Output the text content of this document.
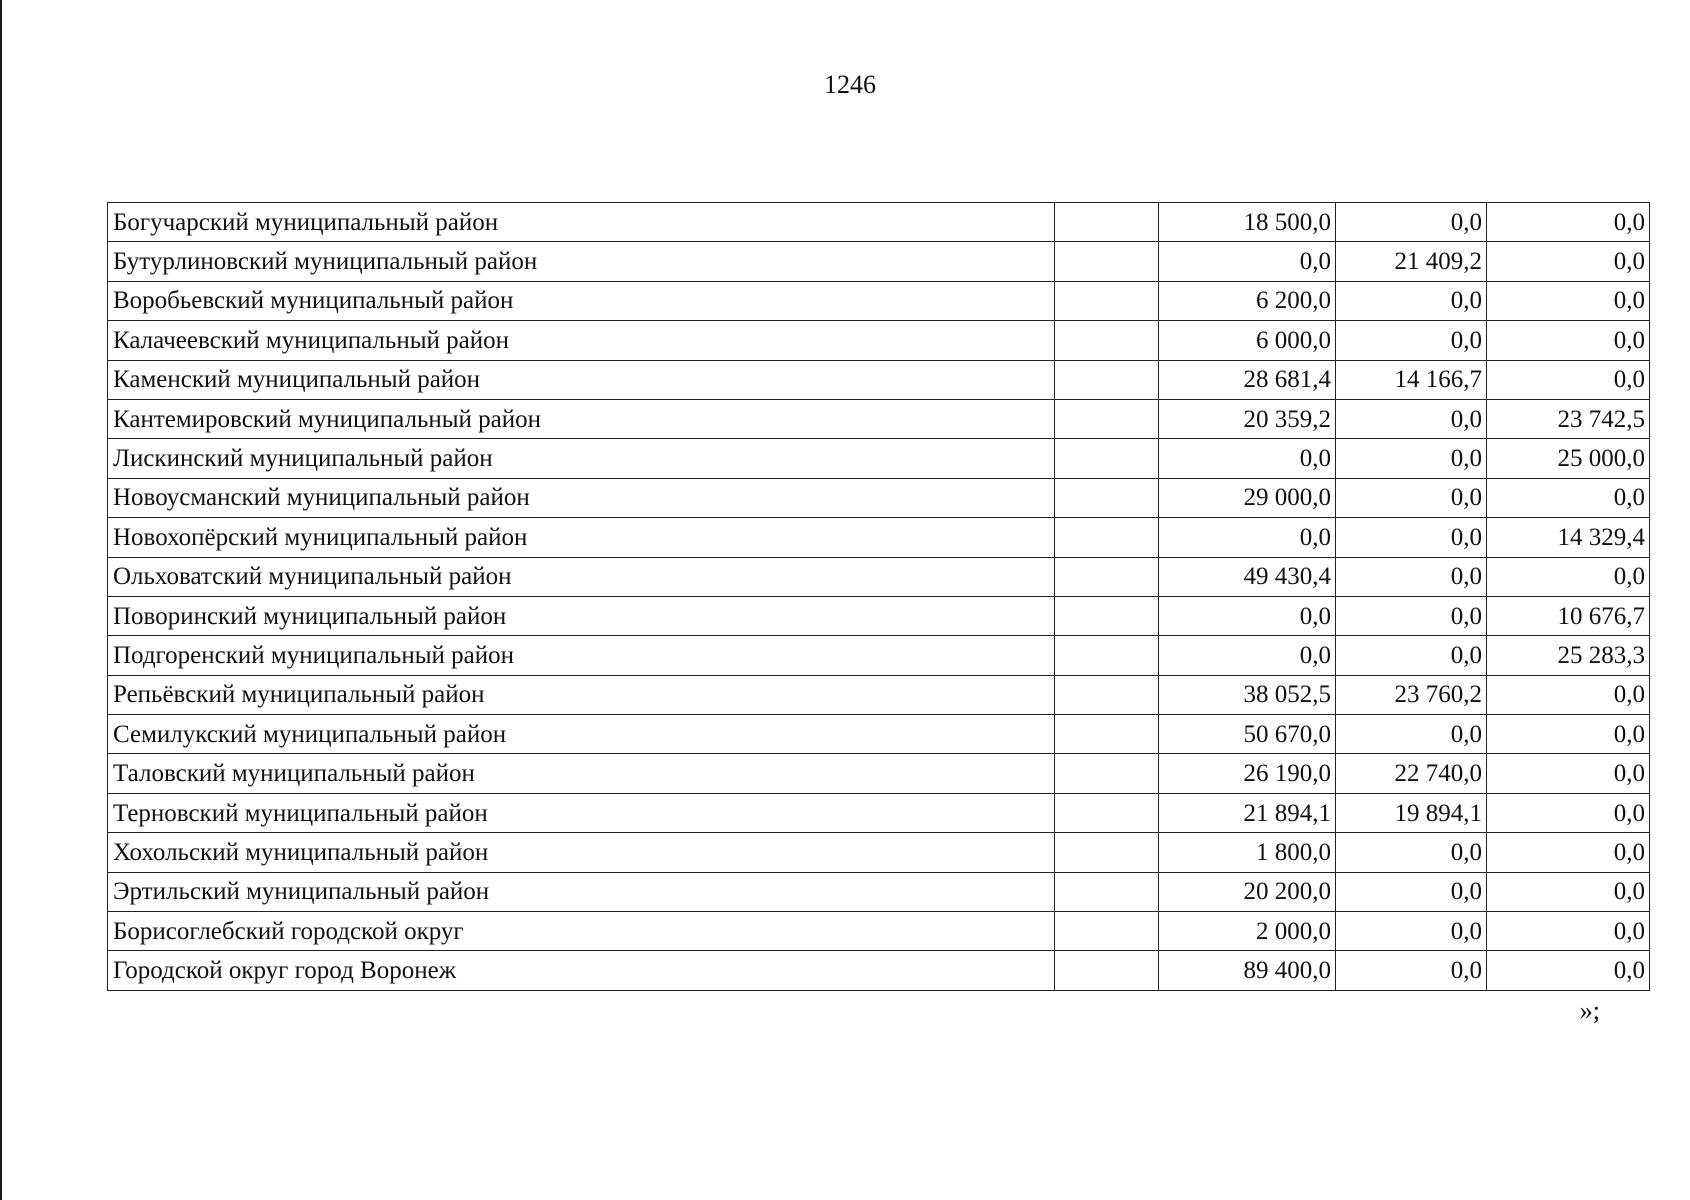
1246
Богучарский муниципальный район		18 500,0	0,0	0,0
Бутурлиновский муниципальный район		0,0	21 409,2	0,0
Воробьевский муниципальный район		6 200,0	0,0	0,0
Калачеевский муниципальный район		6 000,0	0,0	0,0
Каменский муниципальный район		28 681,4	14 166,7	0,0
Кантемировский муниципальный район		20 359,2	0,0	23 742,5
Лискинский муниципальный район		0,0	0,0	25 000,0
Новоусманский муниципальный район		29 000,0	0,0	0,0
Новохопёрский муниципальный район		0,0	0,0	14 329,4
Ольховатский муниципальный район		49 430,4	0,0	0,0
Поворинский муниципальный район		0,0	0,0	10 676,7
Подгоренский муниципальный район		0,0	0,0	25 283,3
Репьёвский муниципальный район		38 052,5	23 760,2	0,0
Семилукский муниципальный район		50 670,0	0,0	0,0
Таловский муниципальный район		26 190,0	22 740,0	0,0
Терновский муниципальный район		21 894,1	19 894,1	0,0
Хохольский муниципальный район		1 800,0	0,0	0,0
Эртильский муниципальный район		20 200,0	0,0	0,0
Борисоглебский городской округ		2 000,0	0,0	0,0
Городской округ город Воронеж		89 400,0	0,0	0,0
»;
